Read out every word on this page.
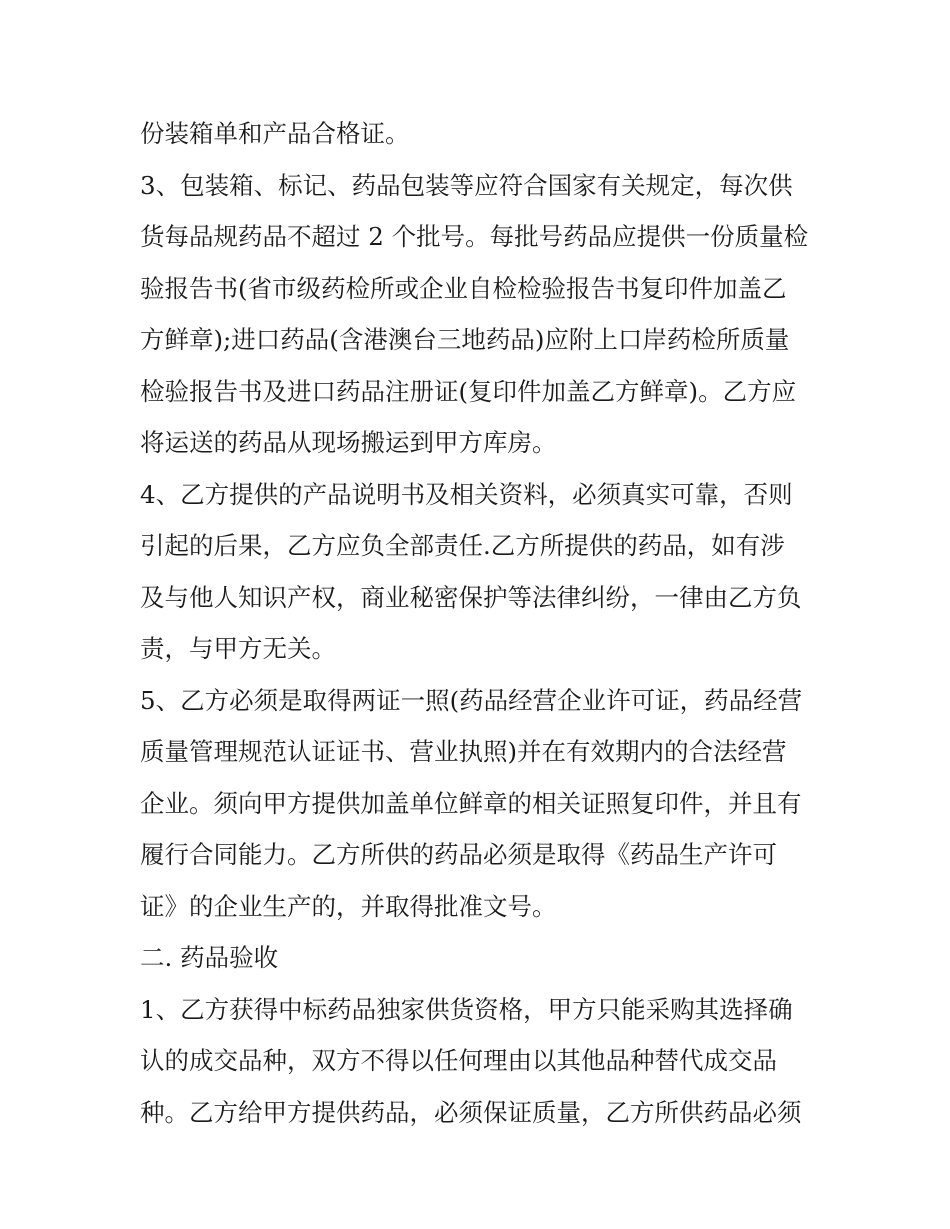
份装箱单和产品合格证。
3、包装箱、标记、药品包装等应符合国家有关规定，每次供
货每品规药品不超过 2 个批号。每批号药品应提供一份质量检
验报告书(省市级药检所或企业自检检验报告书复印件加盖乙
方鲜章);进口药品(含港澳台三地药品)应附上口岸药检所质量
检验报告书及进口药品注册证(复印件加盖乙方鲜章)。乙方应
将运送的药品从现场搬运到甲方库房。
4、乙方提供的产品说明书及相关资料，必须真实可靠，否则
引起的后果，乙方应负全部责任.乙方所提供的药品，如有涉
及与他人知识产权，商业秘密保护等法律纠纷，一律由乙方负
责，与甲方无关。
5、乙方必须是取得两证一照(药品经营企业许可证，药品经营
质量管理规范认证证书、营业执照)并在有效期内的合法经营
企业。须向甲方提供加盖单位鲜章的相关证照复印件，并且有
履行合同能力。乙方所供的药品必须是取得《药品生产许可
证》的企业生产的，并取得批准文号。
二. 药品验收
1、乙方获得中标药品独家供货资格，甲方只能采购其选择确
认的成交品种，双方不得以任何理由以其他品种替代成交品
种。乙方给甲方提供药品，必须保证质量，乙方所供药品必须
